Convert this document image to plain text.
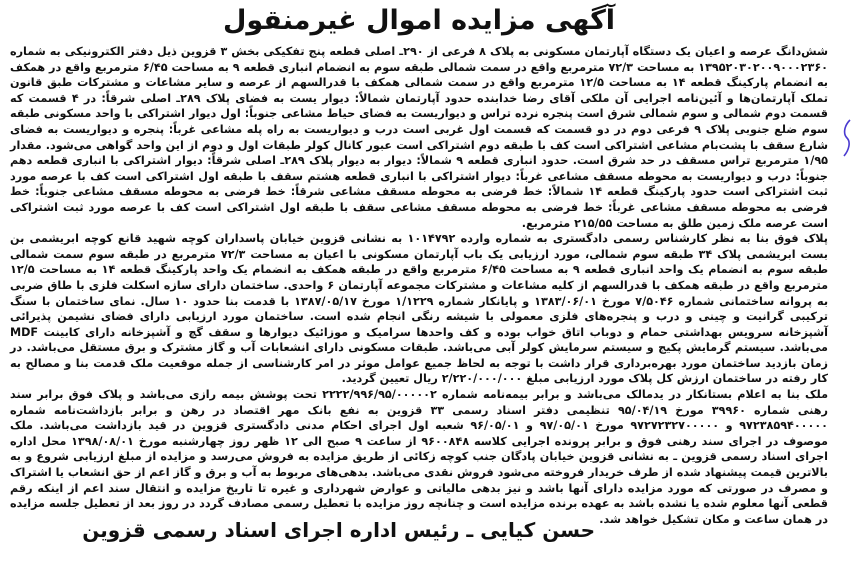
آگهی مزایده اموال غیرمنقول

شش‌دانگ عرصه و اعیان یک دستگاه آپارتمان مسکونی به پلاک ۸ فرعی از ۲۹۰ـ اصلی قطعه پنج تفکیکی بخش ۳ قزوین ذیل دفتر الکترونیکی به شماره ۱۳۹۵۲۰۳۰۲۰۰۹۰۰۰۲۳۶۰ به مساحت ۷۲/۳ مترمربع واقع در سمت شمالی طبقه سوم به انضمام انباری قطعه ۹ به مساحت ۶/۴۵ مترمربع واقع در همکف به انضمام پارکینگ قطعه ۱۴ به مساحت ۱۲/۵ مترمربع واقع در سمت شمالی همکف با قدرالسهم از عرصه و سایر مشاعات و مشترکات طبق قانون تملک آپارتمان‌ها و آئین‌نامه اجرایی آن ملکی آقای رضا خدابنده حدود آپارتمان شمالاً: دیوار یست به فضای پلاک ۲۸۹ـ اصلی شرقاً: در ۴ قسمت که قسمت دوم شمالی و سوم شمالی شرق است پنجره نرده تراس و دیواریست به فضای حیاط مشاعی جنوباً: اول دیوار اشتراکی با واحد مسکونی طبقه سوم ضلع جنوبی پلاک ۹ فرعی دوم در دو قسمت که قسمت اول غربی است درب و دیواریست به راه پله مشاعی غرباً: پنجره و دیواریست به فضای شارع سقف با پشت‌بام مشاعی اشتراکی است کف با طبقه دوم اشتراکی است عبور کانال کولر طبقات اول و دوم از این واحد گواهی می‌شود. مقدار ۱/۹۵ مترمربع تراس مسقف در حد شرق است. حدود انباری قطعه ۹ شمالاً: دیوار به دیوار پلاک ۲۸۹ـ اصلی شرقاً: دیوار اشتراکی با انباری قطعه دهم جنوباً: درب و دیواریست به محوطه مسقف مشاعی غرباً: دیوار اشتراکی با انباری قطعه هشتم سقف با طبقه اول اشتراکی است کف با عرصه مورد ثبت اشتراکی است حدود پارکینگ قطعه ۱۴ شمالاً: خط فرضی به محوطه مسقف مشاعی شرقاً: خط فرضی به محوطه مسقف مشاعی جنوباً: خط فرضی به محوطه مسقف مشاعی غرباً: خط فرضی به محوطه مسقف مشاعی سقف با طبقه اول اشتراکی است کف با عرصه مورد ثبت اشتراکی است عرصه ملک زمین طلق به مساحت ۲۱۵/۵۵ مترمربع.

پلاک فوق بنا به نظر کارشناس رسمی دادگستری به شماره وارده ۱۰۱۴۷۹۲ به نشانی قزوین خیابان پاسداران کوچه شهید قانع کوچه ابریشمی بن بست ابریشمی پلاک ۳۴ طبقه سوم شمالی، مورد ارزیابی یک باب آپارتمان مسکونی با اعیان به مساحت ۷۲/۳ مترمربع در طبقه سوم سمت شمالی طبقه سوم به انضمام یک واحد انباری قطعه ۹ به مساحت ۶/۴۵ مترمربع واقع در طبقه همکف به انضمام یک واحد پارکینگ قطعه ۱۴ به مساحت ۱۲/۵ مترمربع واقع در طبقه همکف با قدرالسهم از کلیه مشاعات و مشترکات مجموعه آپارتمان ۶ واحدی. ساختمان دارای سازه اسکلت فلزی با طاق ضربی به پروانه ساختمانی شماره ۷/۵۰۴۶ مورخ ۱۳۸۳/۰۶/۰۱ و پایانکار شماره ۱/۱۲۲۹ مورخ ۱۳۸۷/۰۵/۱۷ با قدمت بنا حدود ۱۰ سال. نمای ساختمان با سنگ ترکیبی گرانیت و چینی و درب و پنجره‌های فلزی معمولی با شیشه رنگی انجام شده است. ساختمان مورد ارزیابی دارای فضای نشیمن پذیرائی آشپزخانه سرویس بهداشتی حمام و دوباب اتاق خواب بوده و کف واحدها سرامیک و موزائیک دیوارها و سقف گچ و آشپزخانه دارای کابینت MDF می‌باشد. سیستم گرمایش پکیج و سیستم سرمایش کولر آبی می‌باشد. طبقات مسکونی دارای انشعابات آب و گاز مشترک و برق مستقل می‌باشد. در زمان بازدید ساختمان مورد بهره‌برداری قرار داشت با توجه به لحاظ جمیع عوامل موثر در امر کارشناسی از جمله موقعیت ملک قدمت بنا و مصالح به کار رفته در ساختمان ارزش کل پلاک مورد ارزیابی مبلغ ۲/۲۲۰/۰۰۰/۰۰۰ ریال تعیین گردید.

ملک بنا به اعلام بستانکار در یدمالک می‌باشد و برابر بیمه‌نامه شماره ۲۲۲۲/۹۹۶/۹۵/۰۰۰۰۰۲ تحت پوشش بیمه رازی می‌باشد و پلاک فوق برابر سند رهنی شماره ۳۹۹۶۰ مورخ ۹۵/۰۴/۱۹ تنظیمی دفتر اسناد رسمی ۳۳ قزوین به نفع بانک مهر اقتصاد در رهن و برابر بازداشت‌نامه شماره ۹۷۲۳۸۵۹۴۰۰۰۰۰ و ۹۷۲۷۲۳۲۷۰۰۰۰۰ مورخ ۹۷/۰۵/۰۱ و ۹۶/۰۵/۰۱ شعبه اول اجرای احکام مدنی دادگستری قزوین در قید بازداشت می‌باشد. ملک موصوف در اجرای سند رهنی فوق و برابر پرونده اجرایی کلاسه ۹۶۰۰۸۴۸ از ساعت ۹ صبح الی ۱۲ ظهر روز چهارشنبه مورخ ۱۳۹۸/۰۸/۰۱ محل اداره اجرای اسناد رسمی قزوین ـ به نشانی قزوین خیابان پادگان جنب کوچه زکائی از طریق مزایده به فروش می‌رسد و مزایده از مبلغ ارزیابی شروع و به بالاترین قیمت پیشنهاد شده از طرف خریدار فروخته می‌شود فروش نقدی می‌باشد. بدهی‌های مربوط به آب و برق و گاز اعم از حق انشعاب یا اشتراک و مصرف در صورتی که مورد مزایده دارای آنها باشد و نیز بدهی مالیاتی و عوارض شهرداری و غیره تا تاریخ مزایده و انتقال سند اعم از اینکه رقم قطعی آنها معلوم شده یا نشده باشد به عهده برنده مزایده است و چنانچه روز مزایده با تعطیل رسمی مصادف گردد در روز بعد از تعطیل جلسه مزایده در همان ساعت و مکان تشکیل خواهد شد.

حسن کیایی ـ رئیس اداره اجرای اسناد رسمی قزوین
